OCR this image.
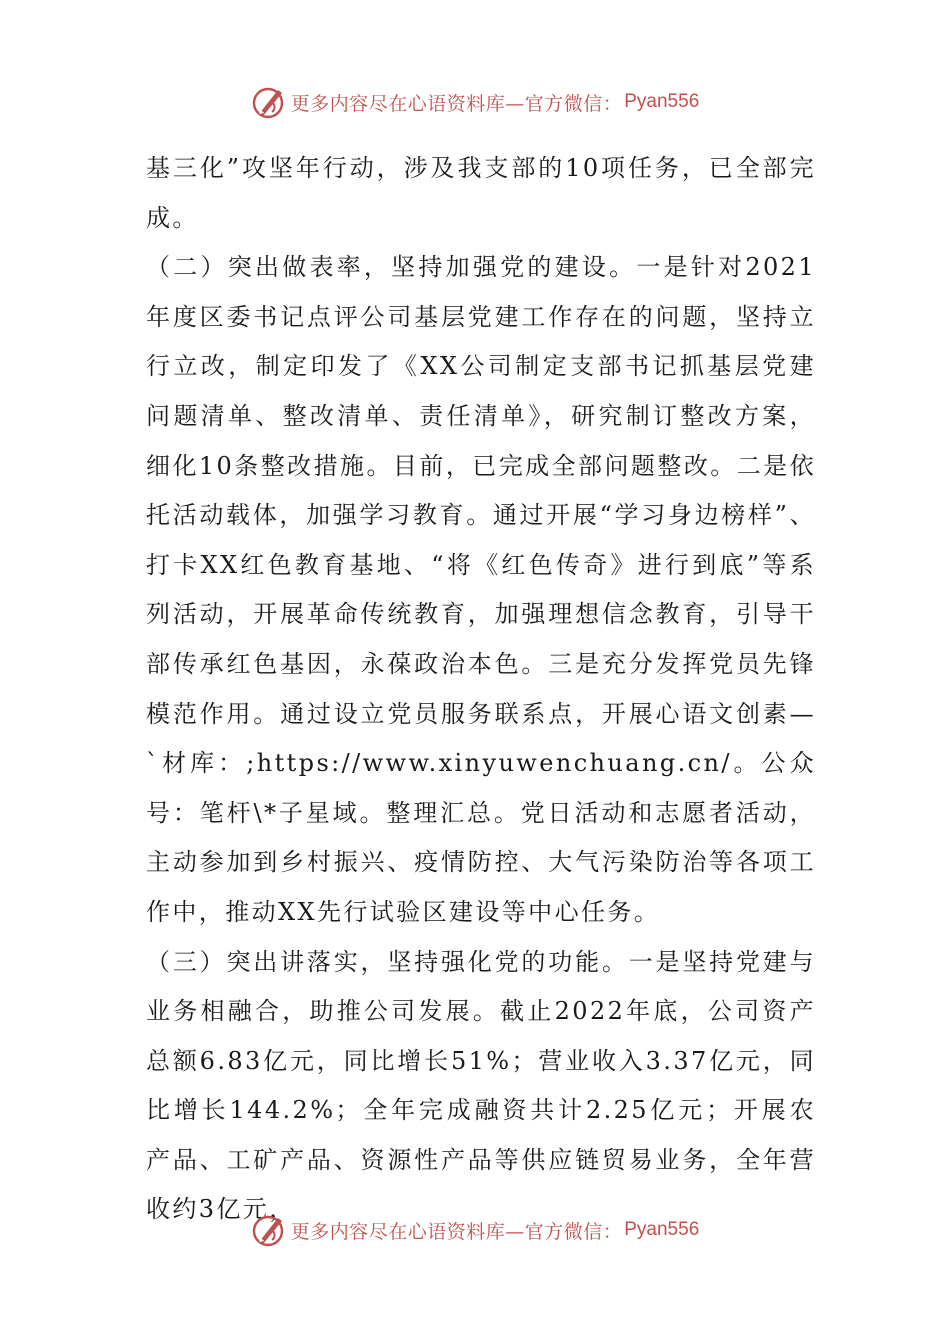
更多内容尽在心语资料库—官方微信： Pyan556

基三化”攻坚年行动，涉及我支部的10项任务，已全部完成。

（二）突出做表率，坚持加强党的建设。一是针对2021年度区委书记点评公司基层党建工作存在的问题，坚持立行立改，制定印发了《XX公司制定支部书记抓基层党建问题清单、整改清单、责任清单》，研究制订整改方案，细化10条整改措施。目前，已完成全部问题整改。二是依托活动载体，加强学习教育。通过开展“学习身边榜样”、打卡XX红色教育基地、“将《红色传奇》进行到底”等系列活动，开展革命传统教育，加强理想信念教育，引导干部传承红色基因，永葆政治本色。三是充分发挥党员先锋模范作用。通过设立党员服务联系点，开展心语文创素—`材库：;https://www.xinyuwenchuang.cn/。公众号：笔杆\*子星域。整理汇总。党日活动和志愿者活动，主动参加到乡村振兴、疫情防控、大气污染防治等各项工作中，推动XX先行试验区建设等中心任务。

（三）突出讲落实，坚持强化党的功能。一是坚持党建与业务相融合，助推公司发展。截止2022年底，公司资产总额6.83亿元，同比增长51%；营业收入3.37亿元，同比增长144.2%；全年完成融资共计2.25亿元；开展农产品、工矿产品、资源性产品等供应链贸易业务，全年营收约3亿元，

更多内容尽在心语资料库—官方微信： Pyan556
